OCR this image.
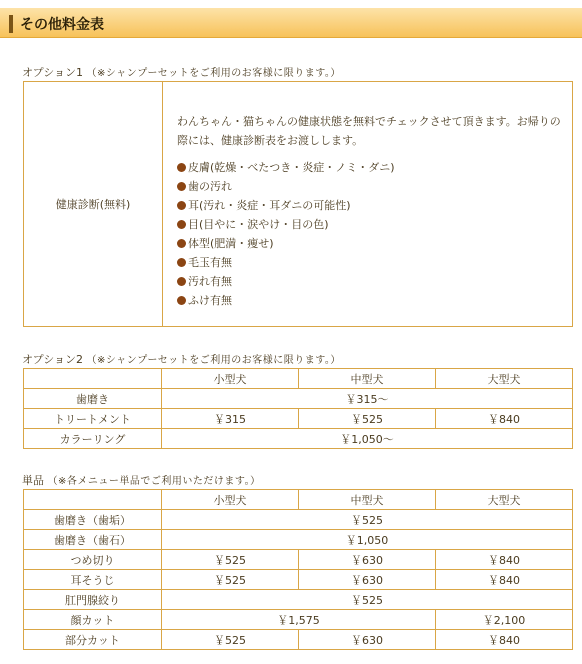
その他料金表
オプション1 （※シャンプーセットをご利用のお客様に限ります。）
健康診断(無料)	
わんちゃん・猫ちゃんの健康状態を無料でチェックさせて頂きます。お帰りの際には、健康診断表をお渡しします。
皮膚(乾燥・べたつき・炎症・ノミ・ダニ)
歯の汚れ
耳(汚れ・炎症・耳ダニの可能性)
目(目やに・涙やけ・目の色)
体型(肥満・痩せ)
毛玉有無
汚れ有無
ふけ有無
オプション2 （※シャンプーセットをご利用のお客様に限ります。）
	小型犬	中型犬	大型犬
歯磨き	￥315～		
トリートメント	￥315	￥525	￥840
カラーリング	￥1,050～		
単品 （※各メニュー単品でご利用いただけます。）
	小型犬	中型犬	大型犬
歯磨き（歯垢）	￥525		
歯磨き（歯石）	￥1,050		
つめ切り	￥525	￥630	￥840
耳そうじ	￥525	￥630	￥840
肛門腺絞り	￥525		
顔カット	￥1,575		￥2,100
部分カット	￥525	￥630	￥840
